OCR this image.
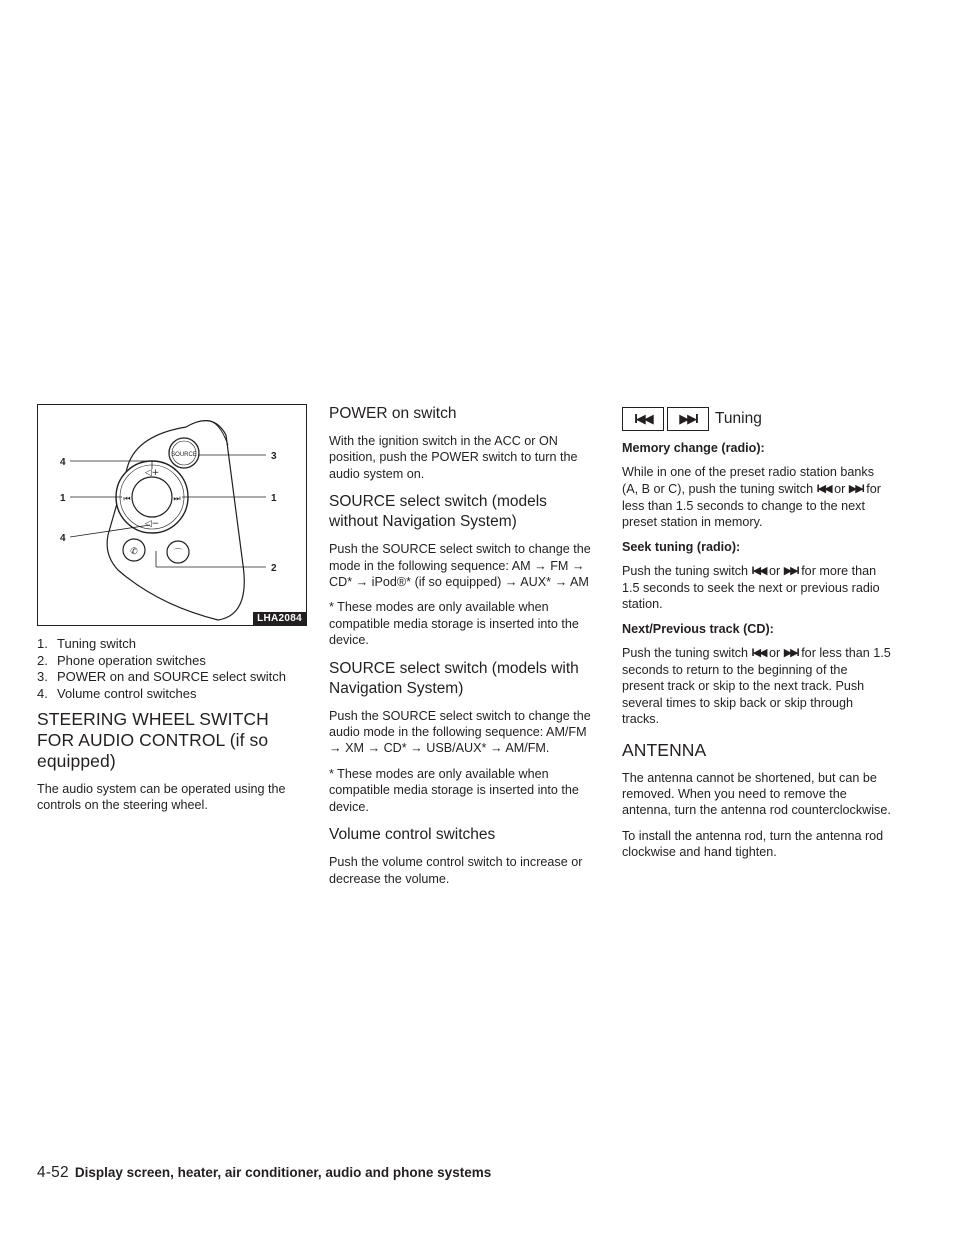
SOURCE
◁+
◁−
⏮	⏭
✆	⌒
4
1
4
3
1
2
LHA2084
1. Tuning switch
2. Phone operation switches
3. POWER on and SOURCE select switch
4. Volume control switches
STEERING WHEEL SWITCH FOR AUDIO CONTROL (if so equipped)

The audio system can be operated using the controls on the steering wheel.

POWER on switch

With the ignition switch in the ACC or ON position, push the POWER switch to turn the audio system on.

SOURCE select switch (models without Navigation System)

Push the SOURCE select switch to change the mode in the following sequence: AM → FM → CD* → iPod®* (if so equipped) → AUX* → AM

* These modes are only available when compatible media storage is inserted into the device.

SOURCE select switch (models with Navigation System)

Push the SOURCE select switch to change the audio mode in the following sequence: AM/FM → XM → CD* → USB/AUX* → AM/FM.

* These modes are only available when compatible media storage is inserted into the device.

Volume control switches

Push the volume control switch to increase or decrease the volume.

I◀◀	▶▶I	Tuning

Memory change (radio):

While in one of the preset radio station banks (A, B or C), push the tuning switch I◀◀ or ▶▶I for less than 1.5 seconds to change to the next preset station in memory.

Seek tuning (radio):

Push the tuning switch I◀◀ or ▶▶I for more than 1.5 seconds to seek the next or previous radio station.

Next/Previous track (CD):

Push the tuning switch I◀◀ or ▶▶I for less than 1.5 seconds to return to the beginning of the present track or skip to the next track. Push several times to skip back or skip through tracks.

ANTENNA

The antenna cannot be shortened, but can be removed. When you need to remove the antenna, turn the antenna rod counterclockwise.

To install the antenna rod, turn the antenna rod clockwise and hand tighten.

4-52 Display screen, heater, air conditioner, audio and phone systems
